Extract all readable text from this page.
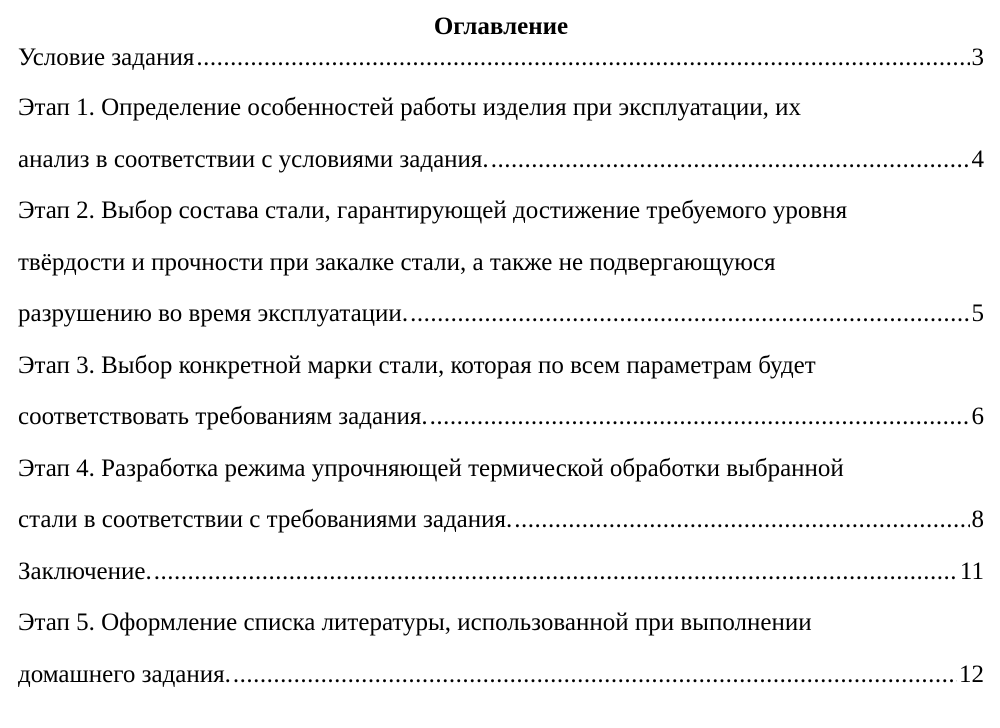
Оглавление
Условие задания .....	3
Этап 1. Определение особенностей работы изделия при эксплуатации, их
анализ в соответствии с условиями задания. .....	4
Этап 2. Выбор состава стали, гарантирующей достижение требуемого уровня
твёрдости и прочности при закалке стали, а также не подвергающуюся
разрушению во время эксплуатации. .....	5
Этап 3. Выбор конкретной марки стали, которая по всем параметрам будет
соответствовать требованиям задания. .....	6
Этап 4. Разработка режима упрочняющей термической обработки выбранной
стали в соответствии с требованиями задания. .....	8
Заключение. .....	11
Этап 5. Оформление списка литературы, использованной при выполнении
домашнего задания. .....	12
